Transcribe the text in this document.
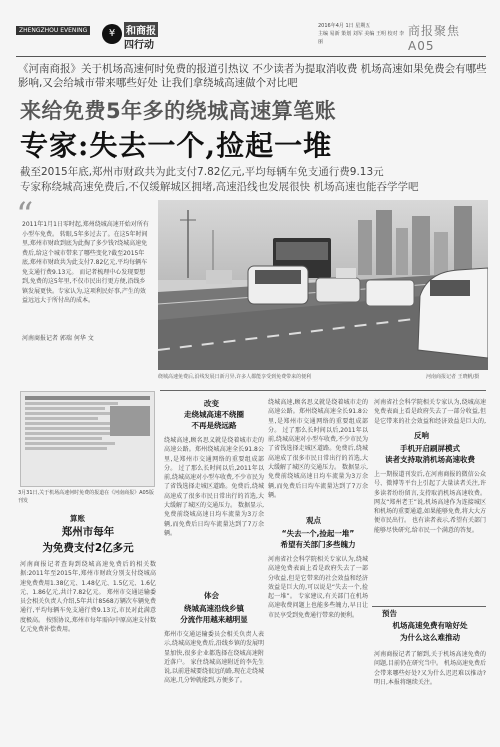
ZHENGZHOU EVENING	¥	和商报
四行动
2016年4月 1日 星期五
主编 易新 策划 刘军 美编 王明 校对 李丽
商报聚焦 A05
《河南商报》关于机场高速何时免费的报道引热议 不少读者为提取消收费 机场高速如果免费会有哪些影响,又会给城市带来哪些好处 让我们拿绕城高速做个对比吧
来给免费5年多的绕城高速算笔账
专家:失去一个,捡起一堆
截至2015年底,郑州市财政共为此支付7.82亿元,平均每辆车免支通行费9.13元
专家称绕城高速免费后,不仅缓解城区拥堵,高速沿线也发展很快 机场高速也能吞学学吧
“

2011年1月1日零时起,郑州绕城高速开始对所有小型车免费。 转眼,5年多过去了。在这5年时间里,郑州市财政到底为此掏了多少钱?绕城高速免费后,给这个城市带来了哪些变化?截至2015年底,郑州市财政共为此支付7.82亿元,平均每辆车免支通行费9.13元。 而记者梳理中心发现要想到,免费的这5年里,不仅市民出行更方便,沿线乡镇发展更快。专家认为,这项利民好事,产生的效益远远大于所付出的成本。

河南商报记者 郭瑞 何华 文
绕城高速免费后,沿线发展日新月异,许多人都能享受到免费带来的便利	河南商报记者 王晓帆/摄
3月31日,关于机场高速何时免费的报道在《河南商报》A05版刊发
算账
郑州市每年
为免费支付2亿多元
河南商报记者查询到绕城高速免费后的相关数据:2011年至2015年,郑州市财政分别支付绕城高速免费费用1.38亿元、1.48亿元、1.5亿元、1.6亿元、1.86亿元,共计7.82亿元。 郑州市交通运输委员会相关负责人介绍,5年共计8568万辆次车辆免费通行,平均每辆车免支通行费9.13元,市民对此满意度极高。 按照协议,郑州市每年需向中原高速支付数亿元免费补偿费用。
改变
走绕城高速不绕圈
不再是绕远路
绕城高速,顾名思义就是绕着城市走的高速公路。郑州绕城高速全长91.8公里,是郑州市交通网络的重要组成部分。 过了那么长时间以后,2011年以前,绕城高速对小型车收费,不少市民为了省钱选择走城区道路。免费后,绕城高速成了很多市民日常出行的首选,大大缓解了城区的交通压力。 数据显示,免费前绕城高速日均车流量为3万余辆,而免费后日均车流量达到了7万余辆。
体会
绕城高速沿线乡镇
分流作用越来越明显
郑州市交通运输委员会相关负责人表示,绕城高速免费后,沿线乡镇的发展明显加快,很多企业都选择在绕城高速附近落户。 家住绕城高速附近的李先生说,以前进城要绕很远的路,现在走绕城高速,几分钟就能到,方便多了。
观点
“失去一个,捡起一堆”
希望有关部门多些魄力
河南省社会科学院相关专家认为,绕城高速免费表面上看是政府失去了一部分收益,但是它带来的社会效益和经济效益是巨大的,可以说是“失去一个,捡起一堆”。 专家建议,有关部门在机场高速收费问题上也能多些魄力,早日让市民享受到免费通行带来的便利。
绕城高速,顾名思义就是绕着城市走的高速公路。郑州绕城高速全长91.8公里,是郑州市交通网络的重要组成部分。 过了那么长时间以后,2011年以前,绕城高速对小型车收费,不少市民为了省钱选择走城区道路。免费后,绕城高速成了很多市民日常出行的首选,大大缓解了城区的交通压力。 数据显示,免费前绕城高速日均车流量为3万余辆,而免费后日均车流量达到了7万余辆。
反响
手机开启刷屏模式
读者支持取消机场高速收费
上一期报道刊发后,在河南商报的微信公众号、微博等平台上引起了大量读者关注,许多读者纷纷留言,支持取消机场高速收费。 网友“郑州老王”说,机场高速作为连接城区和机场的重要通道,如果能够免费,将大大方便市民出行。 也有读者表示,希望有关部门能够尽快研究,给市民一个满意的答复。
河南省社会科学院相关专家认为,绕城高速免费表面上看是政府失去了一部分收益,但是它带来的社会效益和经济效益是巨大的,
预告
机场高速免费有啥好处
为什么这么难推动
河南商报记者了解到,关于机场高速免费的问题,目前仍在研究当中。 机场高速免费后会带来哪些好处?又为什么迟迟难以推动?明日,本报将继续关注。
